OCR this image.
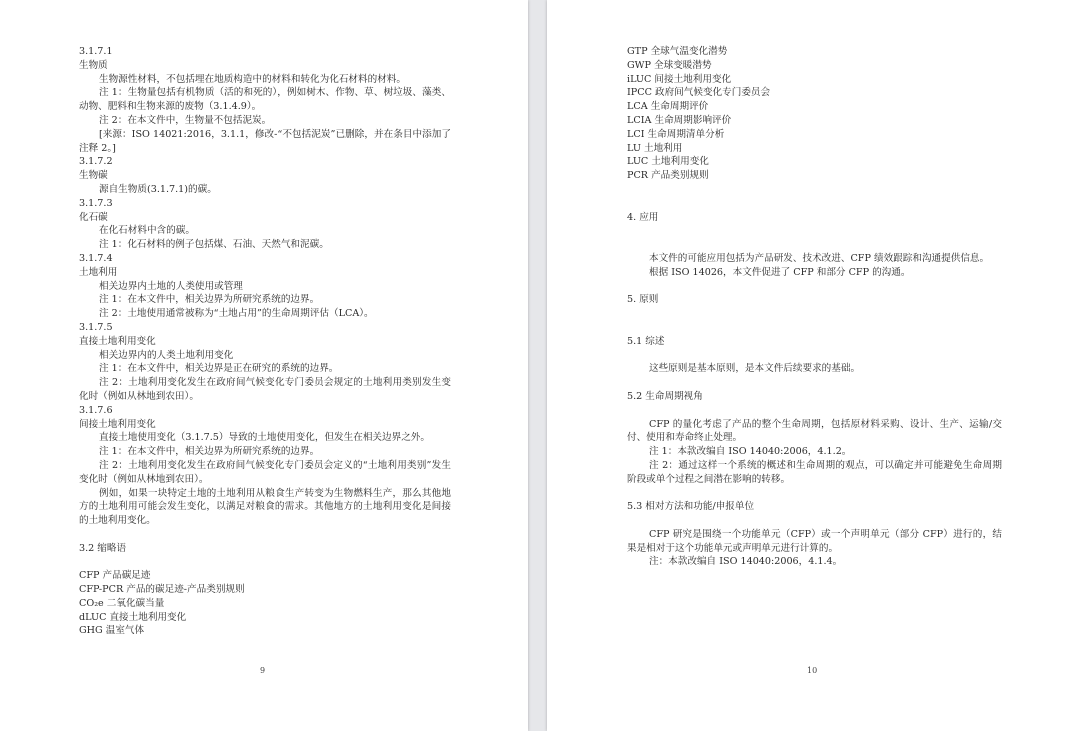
3.1.7.1
生物质
生物源性材料，不包括埋在地质构造中的材料和转化为化石材料的材料。
注 1：生物量包括有机物质（活的和死的），例如树木、作物、草、树垃圾、藻类、动物、肥料和生物来源的废物（3.1.4.9）。
注 2：在本文件中，生物量不包括泥炭。
[来源：ISO 14021:2016，3.1.1，修改-“不包括泥炭”已删除，并在条目中添加了注释 2。]
3.1.7.2
生物碳
源自生物质(3.1.7.1)的碳。
3.1.7.3
化石碳
在化石材料中含的碳。
注 1：化石材料的例子包括煤、石油、天然气和泥碳。
3.1.7.4
土地利用
相关边界内土地的人类使用或管理
注 1：在本文件中，相关边界为所研究系统的边界。
注 2：土地使用通常被称为“土地占用”的生命周期评估（LCA）。
3.1.7.5
直接土地利用变化
相关边界内的人类土地利用变化
注 1：在本文件中，相关边界是正在研究的系统的边界。
注 2：土地利用变化发生在政府间气候变化专门委员会规定的土地利用类别发生变化时（例如从林地到农田）。
3.1.7.6
间接土地利用变化
直接土地使用变化（3.1.7.5）导致的土地使用变化，但发生在相关边界之外。
注 1：在本文件中，相关边界为所研究系统的边界。
注 2：土地利用变化发生在政府间气候变化专门委员会定义的“土地利用类别”发生变化时（例如从林地到农田）。
例如，如果一块特定土地的土地利用从粮食生产转变为生物燃料生产，那么其他地方的土地利用可能会发生变化，以满足对粮食的需求。其他地方的土地利用变化是间接的土地利用变化。
3.2 缩略语
CFP 产品碳足迹
CFP-PCR 产品的碳足迹-产品类别规则
CO₂e 二氧化碳当量
dLUC 直接土地利用变化
GHG 温室气体
9
GTP 全球气温变化潜势
GWP 全球变暖潜势
iLUC 间接土地利用变化
IPCC 政府间气候变化专门委员会
LCA 生命周期评价
LCIA 生命周期影响评价
LCI 生命周期清单分析
LU 土地利用
LUC 土地利用变化
PCR 产品类别规则
4. 应用
本文件的可能应用包括为产品研发、技术改进、CFP 绩效跟踪和沟通提供信息。
根据 ISO 14026，本文件促进了 CFP 和部分 CFP 的沟通。
5. 原则
5.1 综述
这些原则是基本原则，是本文件后续要求的基础。
5.2 生命周期视角
CFP 的量化考虑了产品的整个生命周期，包括原材料采购、设计、生产、运输/交付、使用和寿命终止处理。
注 1：本款改编自 ISO 14040:2006，4.1.2。
注 2：通过这样一个系统的概述和生命周期的观点，可以确定并可能避免生命周期阶段或单个过程之间潜在影响的转移。
5.3 相对方法和功能/申报单位
CFP 研究是围绕一个功能单元（CFP）或一个声明单元（部分 CFP）进行的，结果是相对于这个功能单元或声明单元进行计算的。
注：本款改编自 ISO 14040:2006，4.1.4。
10
